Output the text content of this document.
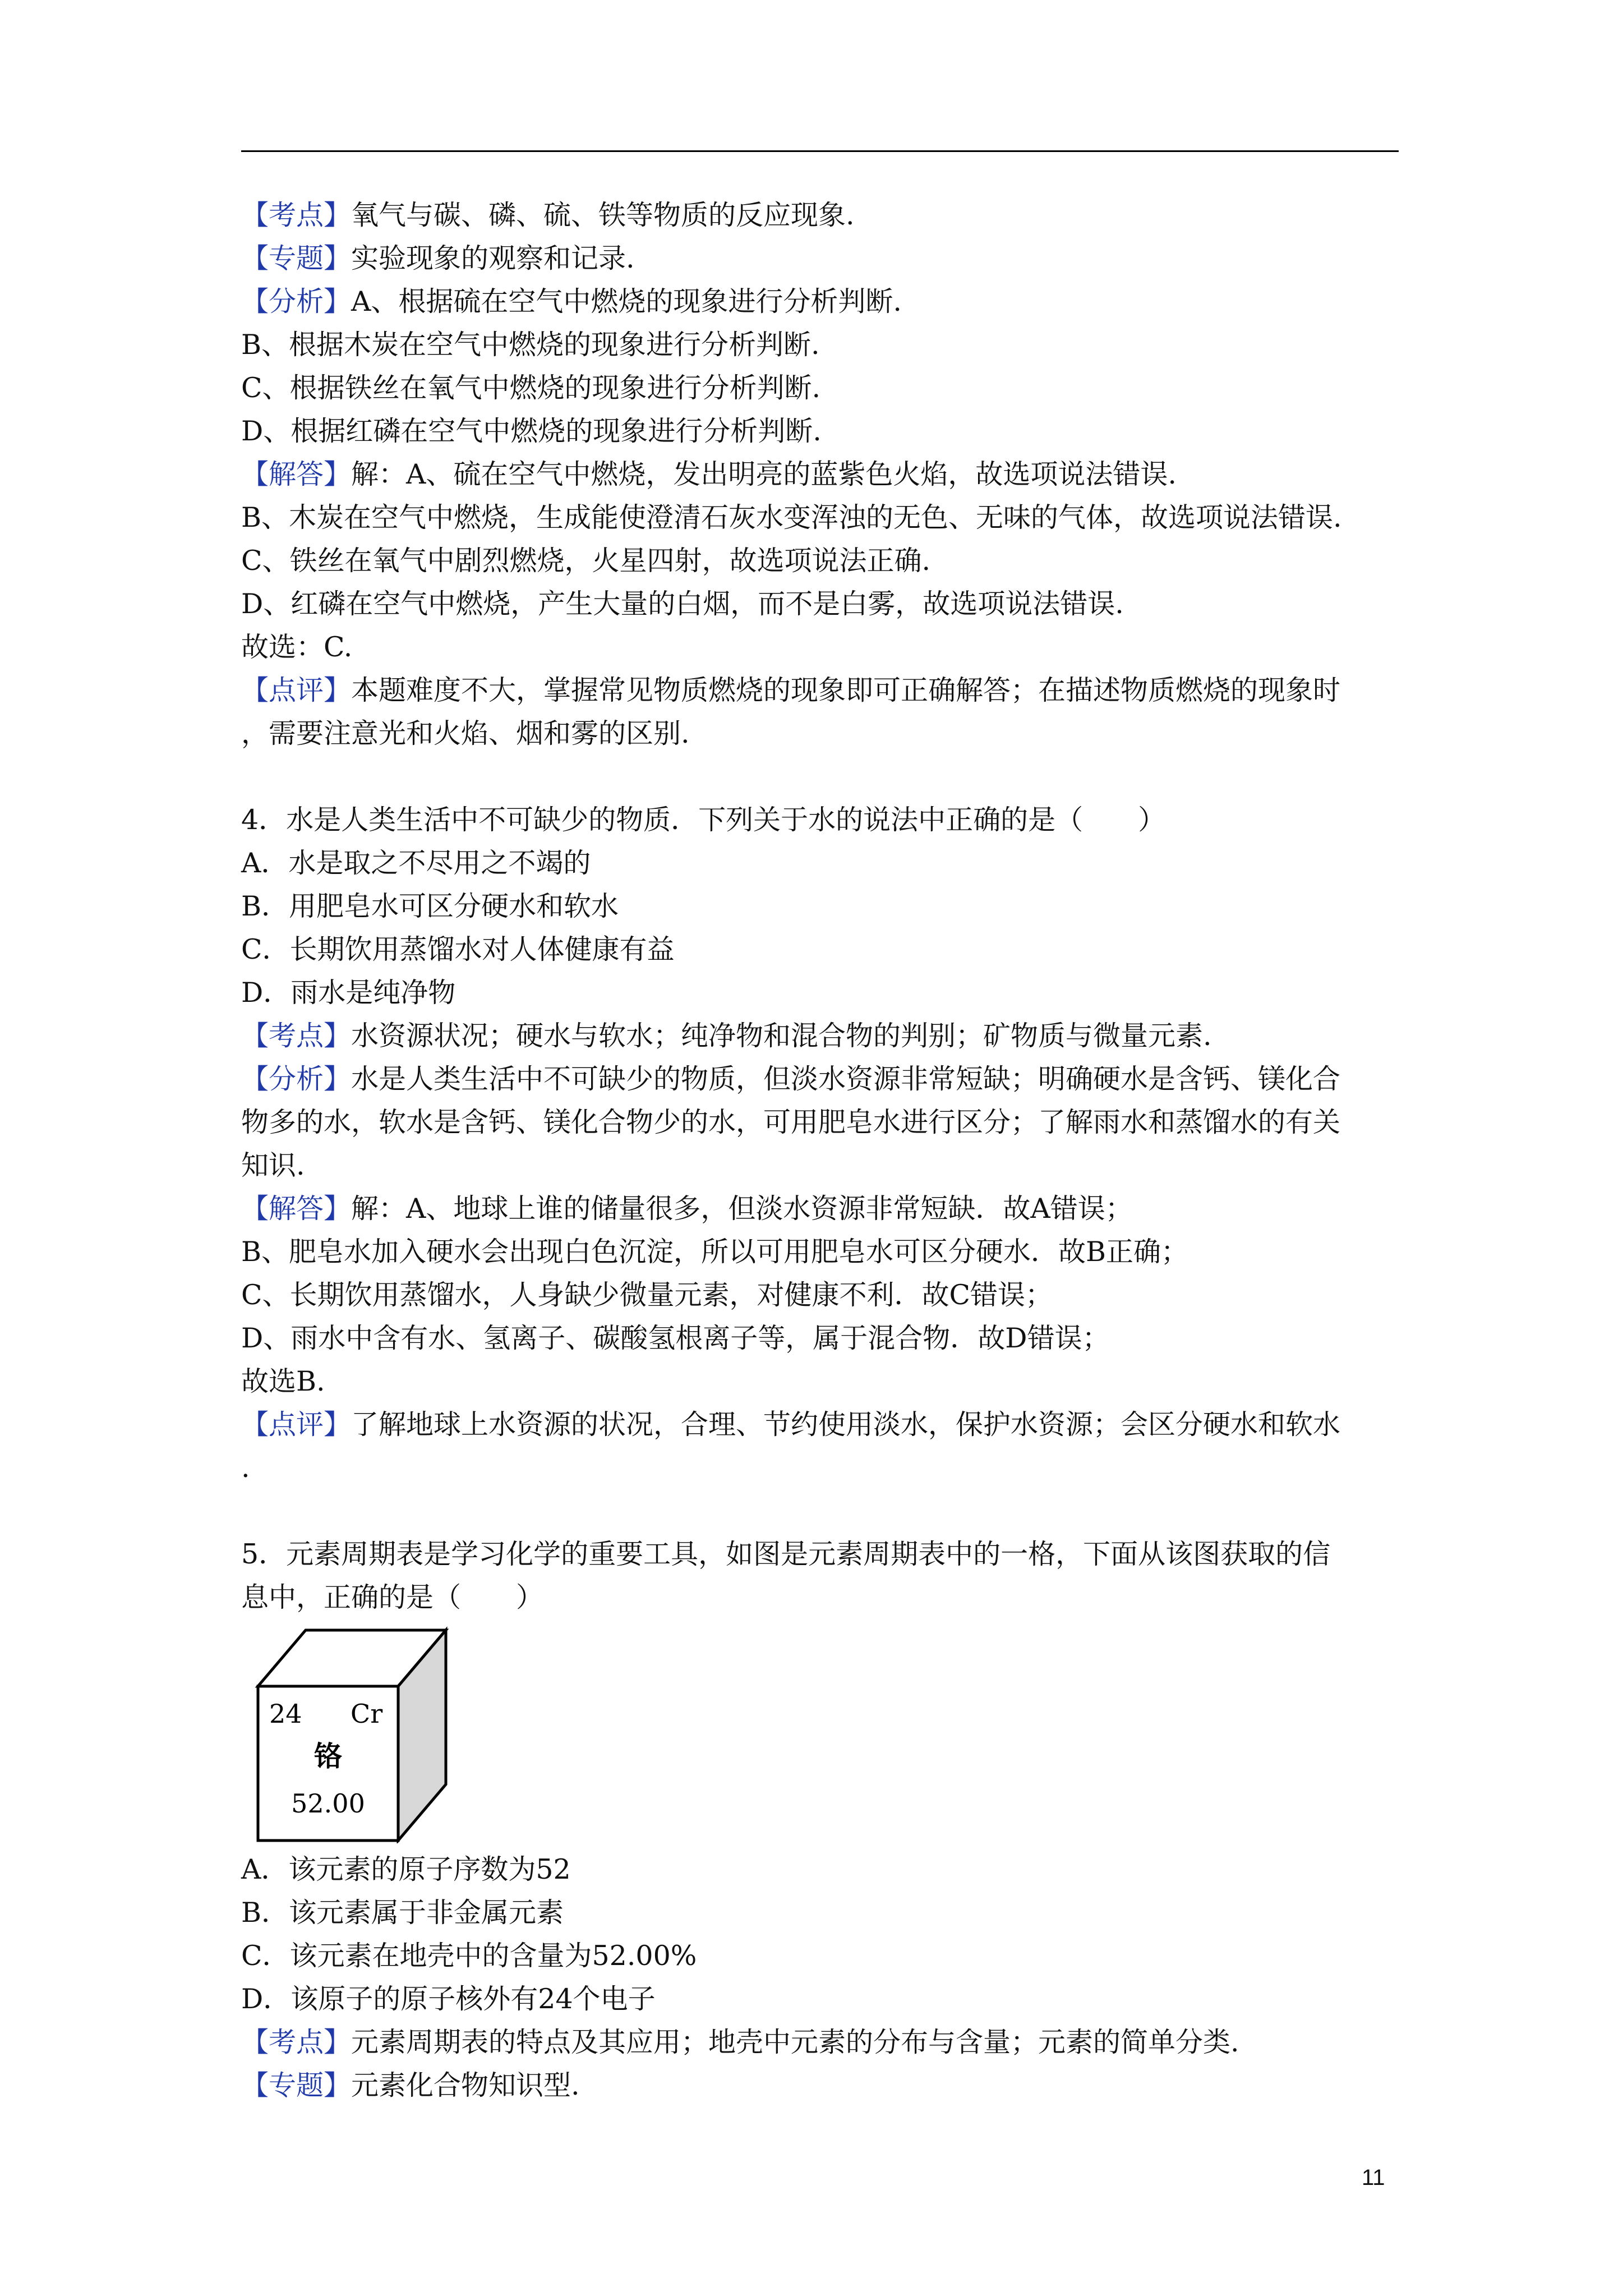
【考点】氧气与碳、磷、硫、铁等物质的反应现象.
【专题】实验现象的观察和记录.
【分析】A、根据硫在空气中燃烧的现象进行分析判断.
B、根据木炭在空气中燃烧的现象进行分析判断.
C、根据铁丝在氧气中燃烧的现象进行分析判断.
D、根据红磷在空气中燃烧的现象进行分析判断.
【解答】解：A、硫在空气中燃烧，发出明亮的蓝紫色火焰，故选项说法错误.
B、木炭在空气中燃烧，生成能使澄清石灰水变浑浊的无色、无味的气体，故选项说法错误.
C、铁丝在氧气中剧烈燃烧，火星四射，故选项说法正确.
D、红磷在空气中燃烧，产生大量的白烟，而不是白雾，故选项说法错误.
故选：C.
【点评】本题难度不大，掌握常见物质燃烧的现象即可正确解答；在描述物质燃烧的现象时
，需要注意光和火焰、烟和雾的区别.
4．水是人类生活中不可缺少的物质．下列关于水的说法中正确的是（　　）
A．水是取之不尽用之不竭的
B．用肥皂水可区分硬水和软水
C．长期饮用蒸馏水对人体健康有益
D．雨水是纯净物
【考点】水资源状况；硬水与软水；纯净物和混合物的判别；矿物质与微量元素.
【分析】水是人类生活中不可缺少的物质，但淡水资源非常短缺；明确硬水是含钙、镁化合
物多的水，软水是含钙、镁化合物少的水，可用肥皂水进行区分；了解雨水和蒸馏水的有关
知识.
【解答】解：A、地球上谁的储量很多，但淡水资源非常短缺．故A错误；
B、肥皂水加入硬水会出现白色沉淀，所以可用肥皂水可区分硬水．故B正确；
C、长期饮用蒸馏水，人身缺少微量元素，对健康不利．故C错误；
D、雨水中含有水、氢离子、碳酸氢根离子等，属于混合物．故D错误；
故选B.
【点评】了解地球上水资源的状况，合理、节约使用淡水，保护水资源；会区分硬水和软水
.
5．元素周期表是学习化学的重要工具，如图是元素周期表中的一格，下面从该图获取的信
息中，正确的是（　　）
24 Cr
铬
52.00
A．该元素的原子序数为52
B．该元素属于非金属元素
C．该元素在地壳中的含量为52.00%
D．该原子的原子核外有24个电子
【考点】元素周期表的特点及其应用；地壳中元素的分布与含量；元素的简单分类.
【专题】元素化合物知识型.
11
